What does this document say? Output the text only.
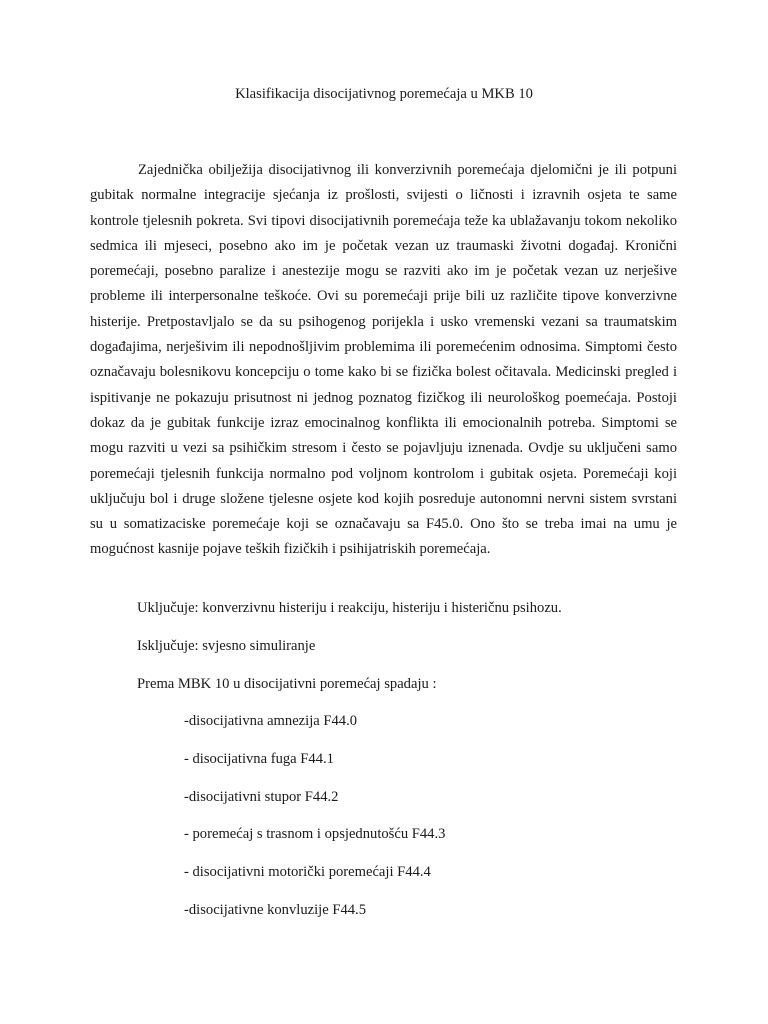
Klasifikacija disocijativnog poremećaja u MKB 10

Zajednička obilježija disocijativnog ili konverzivnih poremećaja djelomični je ili potpuni gubitak normalne integracije sjećanja iz prošlosti, svijesti o ličnosti i izravnih osjeta te same kontrole tjelesnih pokreta. Svi tipovi disocijativnih poremećaja teže ka ublažavanju tokom nekoliko sedmica ili mjeseci, posebno ako im je početak vezan uz traumaski životni događaj. Kronični poremećaji, posebno paralize i anestezije mogu se razviti ako im je početak vezan uz nerješive probleme ili interpersonalne teškoće. Ovi su poremećaji prije bili uz različite tipove konverzivne histerije. Pretpostavljalo se da su psihogenog porijekla i usko vremenski vezani sa traumatskim događajima, nerješivim ili nepodnošljivim problemima ili poremećenim odnosima. Simptomi često označavaju bolesnikovu koncepciju o tome kako bi se fizička bolest očitavala. Medicinski pregled i ispitivanje ne pokazuju prisutnost ni jednog poznatog fizičkog ili neurološkog poemećaja. Postoji dokaz da je gubitak funkcije izraz emocinalnog konflikta ili emocionalnih potreba. Simptomi se mogu razviti u vezi sa psihičkim stresom i često se pojavljuju iznenada. Ovdje su uključeni samo poremećaji tjelesnih funkcija normalno pod voljnom kontrolom i gubitak osjeta. Poremećaji koji uključuju bol i druge složene tjelesne osjete kod kojih posreduje autonomni nervni sistem svrstani su u somatizaciske poremećaje koji se označavaju sa F45.0. Ono što se treba imai na umu je mogućnost kasnije pojave teških fizičkih i psihijatriskih poremećaja.

Uključuje: konverzivnu histeriju i reakciju, histeriju i histeričnu psihozu.

Isključuje: svjesno simuliranje

Prema MBK 10 u disocijativni poremećaj spadaju :

-disocijativna amnezija F44.0

- disocijativna fuga F44.1

-disocijativni stupor F44.2

- poremećaj s trasnom i opsjednutošću F44.3

- disocijativni motorički poremećaji F44.4

-disocijativne konvluzije F44.5
